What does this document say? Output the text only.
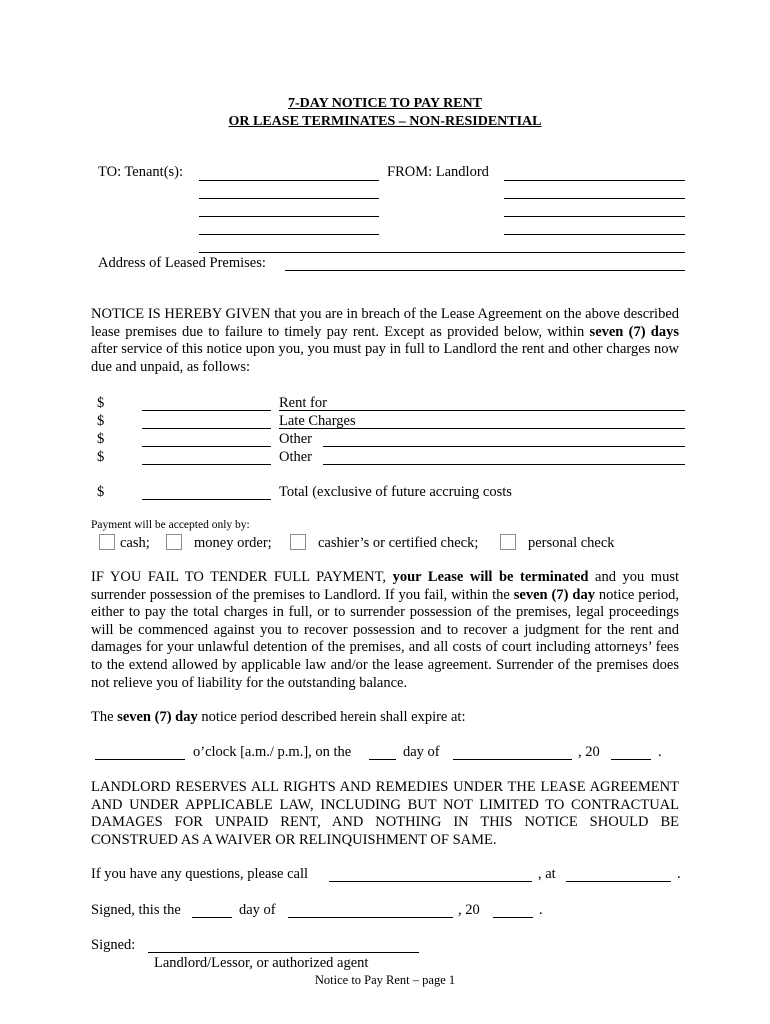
7-DAY NOTICE TO PAY RENT
OR LEASE TERMINATES – NON-RESIDENTIAL
TO: Tenant(s):	FROM: Landlord
Address of Leased Premises:
NOTICE IS HEREBY GIVEN that you are in breach of the Lease Agreement on the above described lease premises due to failure to timely pay rent. Except as provided below, within seven (7) days after service of this notice upon you, you must pay in full to Landlord the rent and other charges now due and unpaid, as follows:
$	Rent for
$	Late Charges
$	Other
$	Other
$	Total (exclusive of future accruing costs
Payment will be accepted only by:
cash;	money order;	cashier’s or certified check;	personal check
IF YOU FAIL TO TENDER FULL PAYMENT, your Lease will be terminated and you must surrender possession of the premises to Landlord. If you fail, within the seven (7) day notice period, either to pay the total charges in full, or to surrender possession of the premises, legal proceedings will be commenced against you to recover possession and to recover a judgment for the rent and damages for your unlawful detention of the premises, and all costs of court including attorneys’ fees to the extend allowed by applicable law and/or the lease agreement. Surrender of the premises does not relieve you of liability for the outstanding balance.
The seven (7) day notice period described herein shall expire at:
o’clock [a.m./ p.m.], on the	day of	, 20	.
LANDLORD RESERVES ALL RIGHTS AND REMEDIES UNDER THE LEASE AGREEMENT AND UNDER APPLICABLE LAW, INCLUDING BUT NOT LIMITED TO CONTRACTUAL DAMAGES FOR UNPAID RENT, AND NOTHING IN THIS NOTICE SHOULD BE CONSTRUED AS A WAIVER OR RELINQUISHMENT OF SAME.
If you have any questions, please call	, at	.
Signed, this the	day of	, 20	.
Signed:
Landlord/Lessor, or authorized agent
Notice to Pay Rent – page 1
